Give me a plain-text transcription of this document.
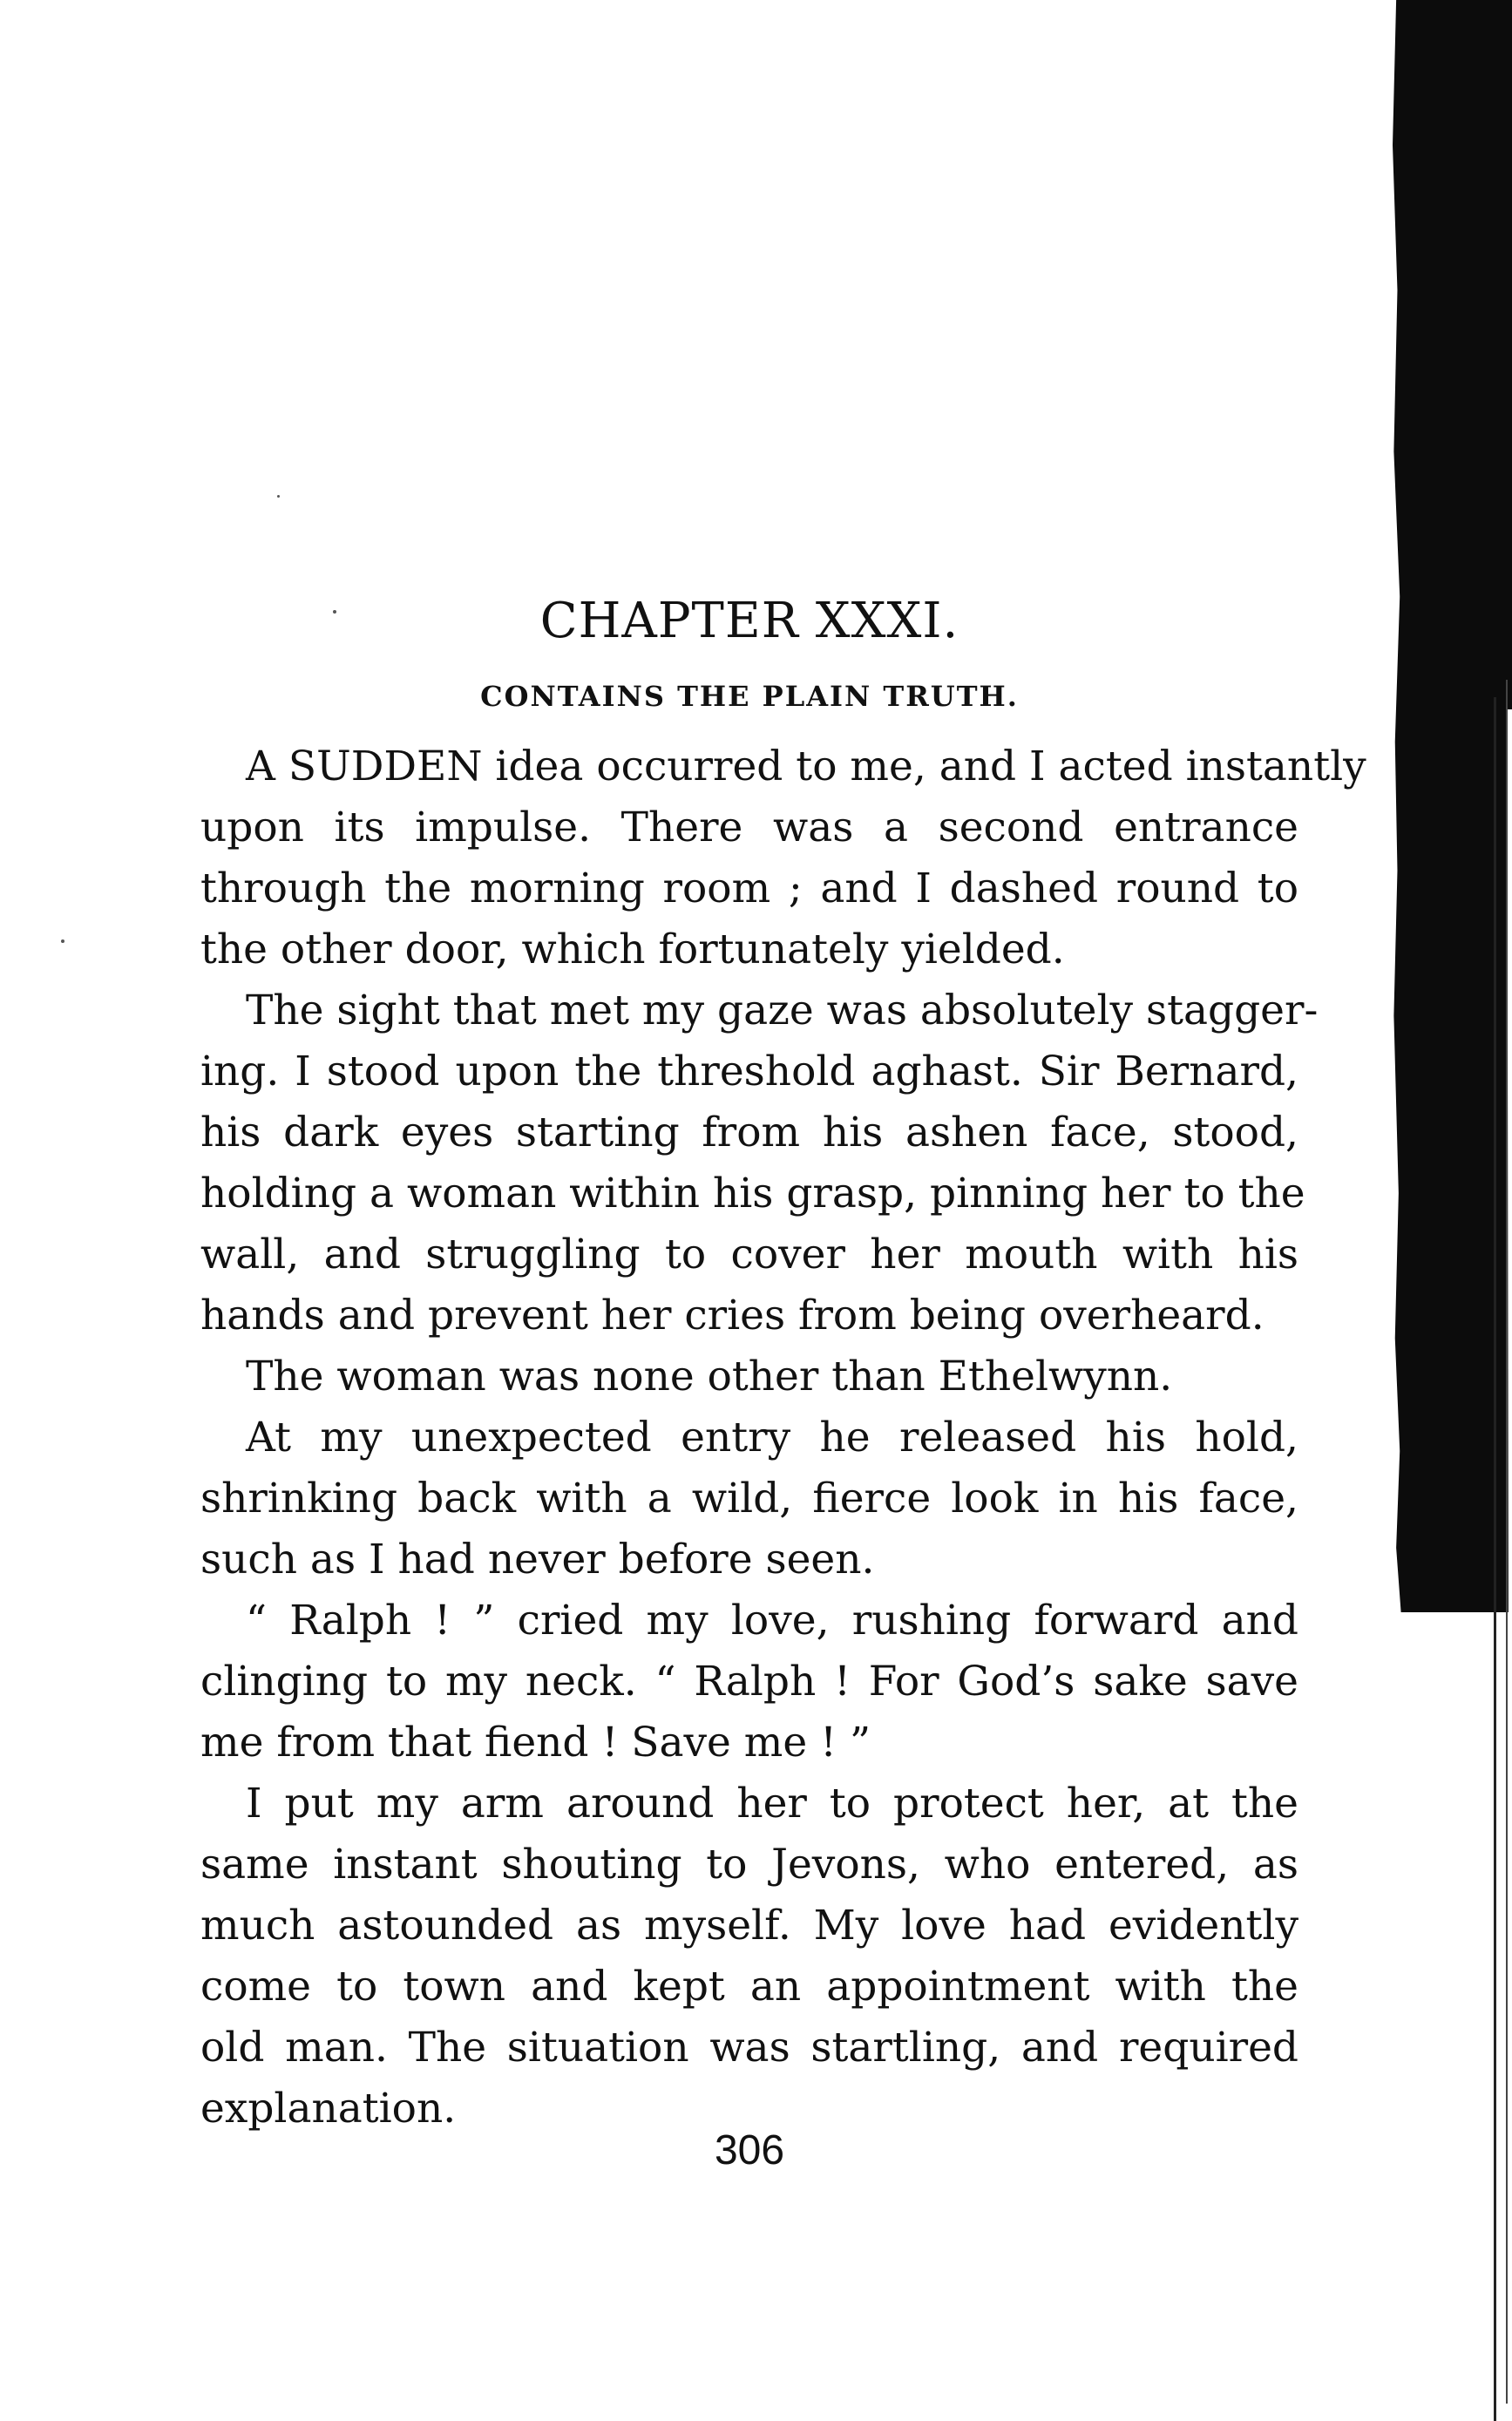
CHAPTER XXXI.
CONTAINS THE PLAIN TRUTH.
A SUDDEN idea occurred to me, and I acted instantly
upon its impulse. There was a second entrance
through the morning room ; and I dashed round to
the other door, which fortunately yielded.
The sight that met my gaze was absolutely stagger-
ing. I stood upon the threshold aghast. Sir Bernard,
his dark eyes starting from his ashen face, stood,
holding a woman within his grasp, pinning her to the
wall, and struggling to cover her mouth with his
hands and prevent her cries from being overheard.
The woman was none other than Ethelwynn.
At my unexpected entry he released his hold,
shrinking back with a wild, fierce look in his face,
such as I had never before seen.
“ Ralph ! ” cried my love, rushing forward and
clinging to my neck. “ Ralph ! For God’s sake save
me from that fiend ! Save me ! ”
I put my arm around her to protect her, at the
same instant shouting to Jevons, who entered, as
much astounded as myself. My love had evidently
come to town and kept an appointment with the
old man. The situation was startling, and required
explanation.
306
